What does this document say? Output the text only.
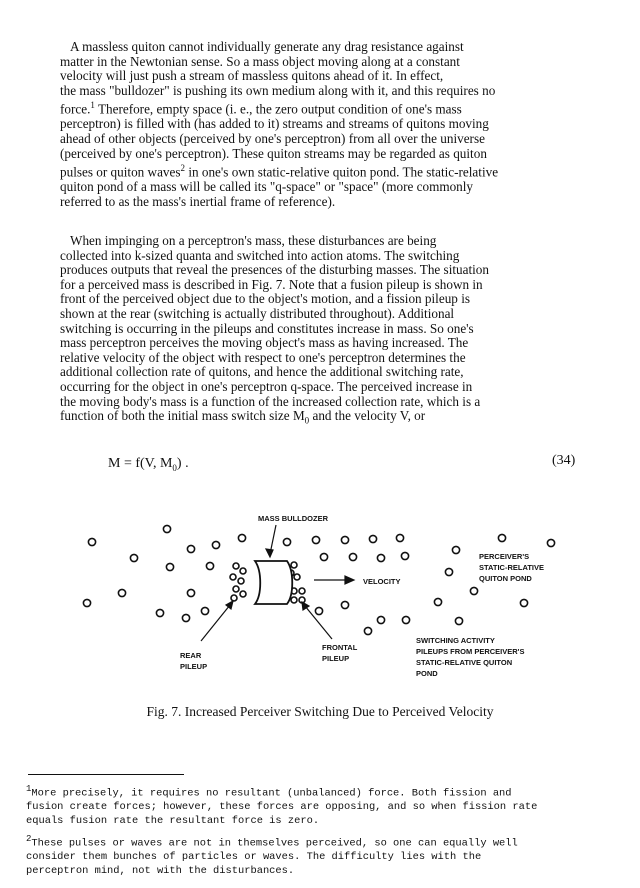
A massless quiton cannot individually generate any drag resistance against
matter in the Newtonian sense. So a mass object moving along at a constant
velocity will just push a stream of massless quitons ahead of it. In effect,
the mass "bulldozer" is pushing its own medium along with it, and this requires no
force.$^1$ Therefore, empty space (i. e., the zero output condition of one's mass
perceptron) is filled with (has added to it) streams and streams of quitons moving
ahead of other objects (perceived by one's perceptron) from all over the universe
(perceived by one's perceptron). These quiton streams may be regarded as quiton
pulses or quiton waves$^2$ in one's own static-relative quiton pond. The static-relative
quiton pond of a mass will be called its "q-space" or "space" (more commonly
referred to as the mass's inertial frame of reference).
When impinging on a perceptron's mass, these disturbances are being
collected into k-sized quanta and switched into action atoms. The switching
produces outputs that reveal the presences of the disturbing masses. The situation
for a perceived mass is described in Fig. 7. Note that a fusion pileup is shown in
front of the perceived object due to the object's motion, and a fission pileup is
shown at the rear (switching is actually distributed throughout). Additional
switching is occurring in the pileups and constitutes increase in mass. So one's
mass perceptron perceives the moving object's mass as having increased. The
relative velocity of the object with respect to one's perceptron determines the
additional collection rate of quitons, and hence the additional switching rate,
occurring for the object in one's perceptron q-space. The perceived increase in
the moving body's mass is a function of the increased collection rate, which is a
function of both the initial mass switch size $M_0$ and the velocity V, or
M = f(V, $M_0$) .	(34)
MASS BULLDOZER
VELOCITY
PERCEIVER'S
STATIC-RELATIVE
QUITON POND
REAR
PILEUP
FRONTAL
PILEUP
SWITCHING ACTIVITY
PILEUPS FROM PERCEIVER'S
STATIC-RELATIVE QUITON
POND
Fig. 7. Increased Perceiver Switching Due to Perceived Velocity
$^1$More precisely, it requires no resultant (unbalanced) force. Both fission and
fusion create forces; however, these forces are opposing, and so when fission rate
equals fusion rate the resultant force is zero.
$^2$These pulses or waves are not in themselves perceived, so one can equally well
consider them bunches of particles or waves. The difficulty lies with the
perceptron mind, not with the disturbances.
